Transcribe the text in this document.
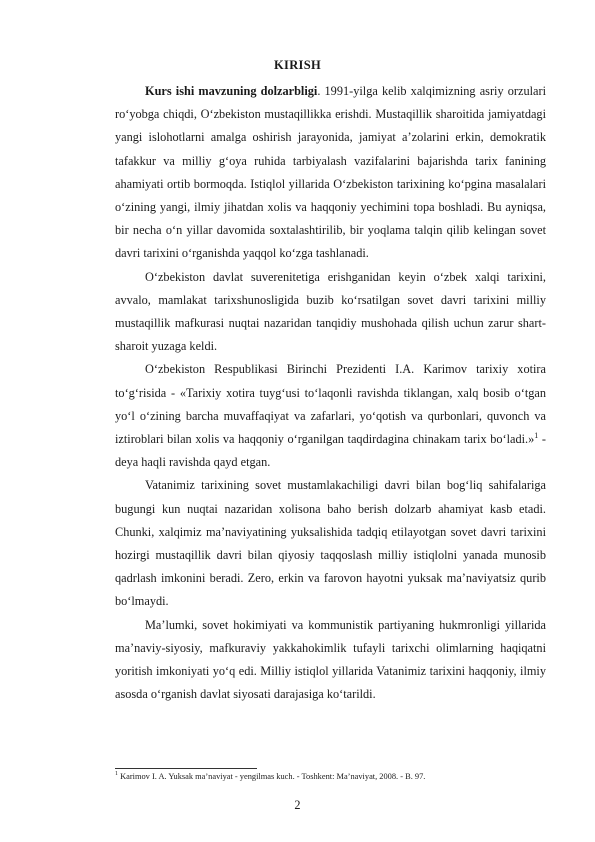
KIRISH

Kurs ishi mavzuning dolzarbligi. 1991-yilga kelib xalqimizning asriy orzulari ro‘yobga chiqdi, O‘zbekiston mustaqillikka erishdi. Mustaqillik sharoitida jamiyatdagi yangi islohotlarni amalga oshirish jarayonida, jamiyat a’zolarini erkin, demokratik tafakkur va milliy g‘oya ruhida tarbiyalash vazifalarini bajarishda tarix fanining ahamiyati ortib bormoqda. Istiqlol yillarida O‘zbekiston tarixining ko‘pgina masalalari o‘zining yangi, ilmiy jihatdan xolis va haqqoniy yechimini topa boshladi. Bu ayniqsa, bir necha o‘n yillar davomida soxtalashtirilib, bir yoqlama talqin qilib kelingan sovet davri tarixini o‘rganishda yaqqol ko‘zga tashlanadi.

O‘zbekiston davlat suverenitetiga erishganidan keyin o‘zbek xalqi tarixini, avvalo, mamlakat tarixshunosligida buzib ko‘rsatilgan sovet davri tarixini milliy mustaqillik mafkurasi nuqtai nazaridan tanqidiy mushohada qilish uchun zarur shart-sharoit yuzaga keldi.

O‘zbekiston Respublikasi Birinchi Prezidenti I.A. Karimov tarixiy xotira to‘g‘risida - «Tarixiy xotira tuyg‘usi to‘laqonli ravishda tiklangan, xalq bosib o‘tgan yo‘l o‘zining barcha muvaffaqiyat va zafarlari, yo‘qotish va qurbonlari, quvonch va iztiroblari bilan xolis va haqqoniy o‘rganilgan taqdirdagina chinakam tarix bo‘ladi.»$^1$ - deya haqli ravishda qayd etgan.

Vatanimiz tarixining sovet mustamlakachiligi davri bilan bog‘liq sahifalariga bugungi kun nuqtai nazaridan xolisona baho berish dolzarb ahamiyat kasb etadi. Chunki, xalqimiz ma’naviyatining yuksalishida tadqiq etilayotgan sovet davri tarixini hozirgi mustaqillik davri bilan qiyosiy taqqoslash milliy istiqlolni yanada munosib qadrlash imkonini beradi. Zero, erkin va farovon hayotni yuksak ma’naviyatsiz qurib bo‘lmaydi.

Ma’lumki, sovet hokimiyati va kommunistik partiyaning hukmronligi yillarida ma’naviy-siyosiy, mafkuraviy yakkahokimlik tufayli tarixchi olimlarning haqiqatni yoritish imkoniyati yo‘q edi. Milliy istiqlol yillarida Vatanimiz tarixini haqqoniy, ilmiy asosda o‘rganish davlat siyosati darajasiga ko‘tarildi.

$^1$ Karimov I. A. Yuksak ma’naviyat - yengilmas kuch. - Toshkent: Ma’naviyat, 2008. - B. 97.
2
